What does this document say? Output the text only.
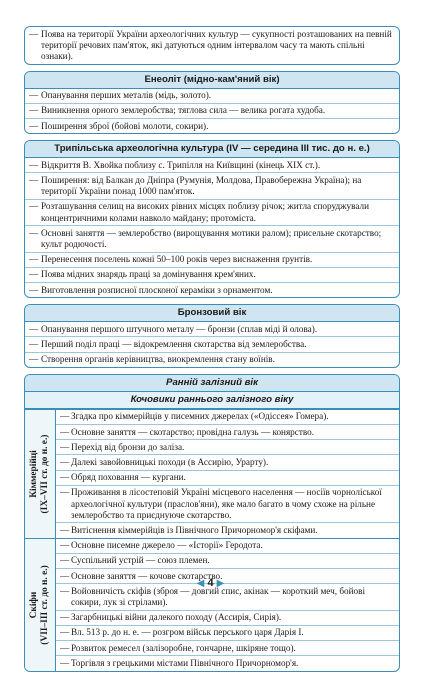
— Поява на території України археологічних культур — сукупності розташованих на певній території речових пам'яток, які датуються одним інтервалом часу та мають спільні ознаки).
Енеоліт (мідно-кам'яний вік)
— Опанування перших металів (мідь, золото).
— Виникнення орного землеробства; тяглова сила — велика рогата худоба.
— Поширення зброї (бойові молоти, сокири).
Трипільська археологічна культура (IV — середина III тис. до н. е.)
— Відкриття В. Хвойка поблизу с. Трипілля на Київщині (кінець XIX ст.).
— Поширення: від Балкан до Дніпра (Румунія, Молдова, Правобережна Україна); на території України понад 1000 пам'яток.
— Розташування селищ на високих рівних місцях поблизу річок; житла споруджували концентричними колами навколо майдану; протоміста.
— Основні заняття — землеробство (вирощування мотики ралом); присельне скотарство; культ родючості.
— Перенесення поселень кожні 50–100 років через виснаження ґрунтів.
— Поява мідних знарядь праці за домінування крем'яних.
— Виготовлення розписної плосконої кераміки з орнаментом.
Бронзовий вік
— Опанування першого штучного металу — бронзи (сплав міді й олова).
— Перший поділ праці — відокремлення скотарства від землеробства.
— Створення органів керівництва, виокремлення стану воїнів.
Ранній залізний вік
Кочовики раннього залізного віку
Кіммерійці (IX–VII ст. до н. е.)
— Згадка про кіммерійців у писемних джерелах («Одіссея» Гомера).
— Основне заняття — скотарство; провідна галузь — конярство.
— Перехід від бронзи до заліза.
— Далекі завойовницькі походи (в Ассирію, Урарту).
— Обряд поховання — кургани.
— Проживання в лісостеповій Україні місцевого населення — носіїв чорнолiської археологічної культури (праслов'яни), яке мало багато в чому схоже на рільне землеробство та приєднуюче скотарство.
— Витіснення кіммерійців із Північного Причорномор'я скіфами.
Скіфи (VII–III ст. до н. е.)
— Основне писемне джерело — «Історії» Геродота.
— Суспільний устрій — союз племен.
— Основне заняття — кочове скотарство.
— Войовничість скіфів (зброя — довгий спис, акінак — короткий меч, бойові сокири, лук зі стрілами).
— Загарбницькі війни далекого походу (Ассирія, Сирія).
— Вл. 513 р. до н. е. — розгром військ перського царя Дарія I.
— Розвиток ремесел (залізоробне, гончарне, шкіряне тощо).
— Торгівля з грецькими містами Північного Причорномор'я.
◀ 4 ▶
